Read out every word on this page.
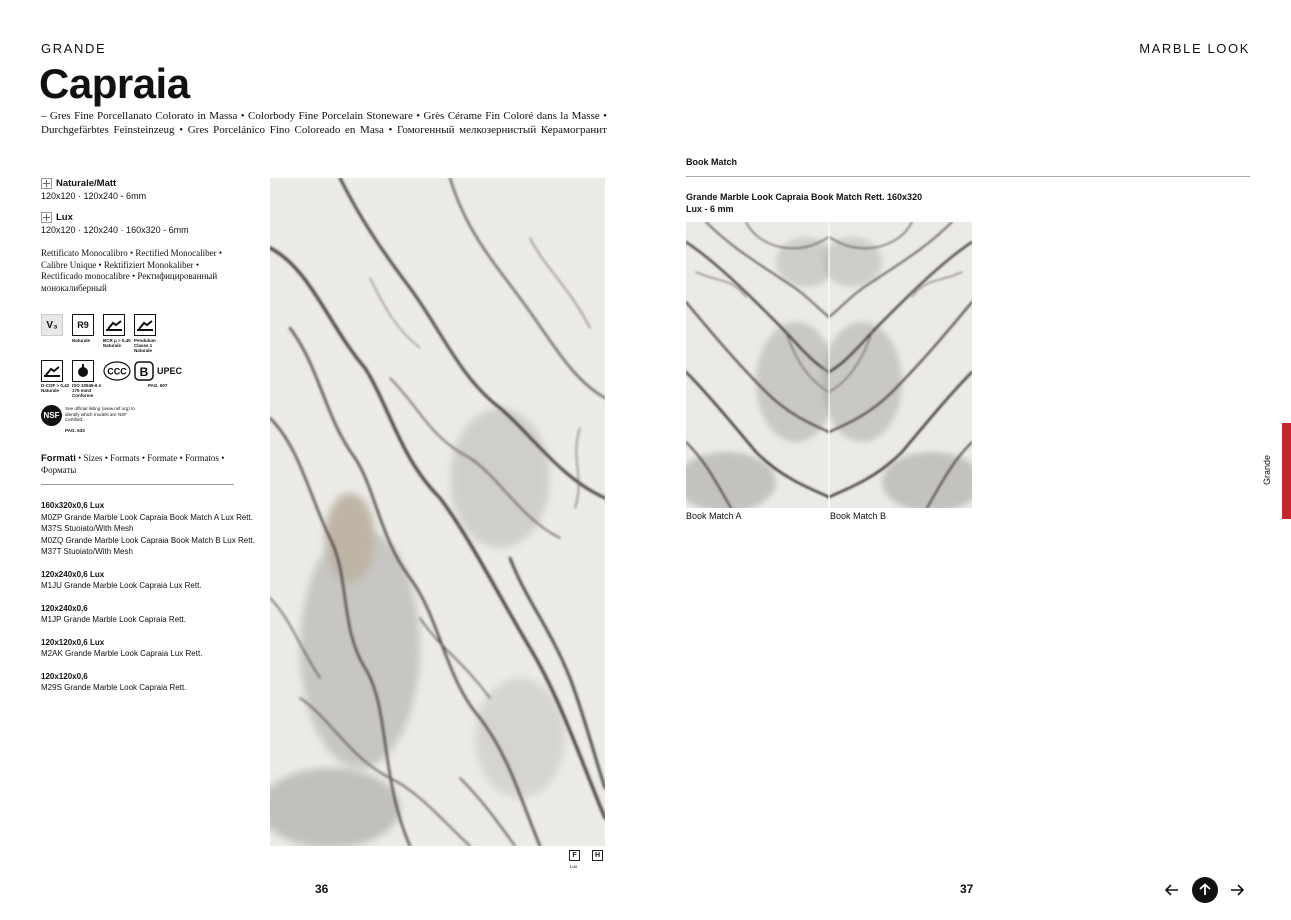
GRANDE	MARBLE LOOK
Capraia
– Gres Fine Porcellanato Colorato in Massa • Colorbody Fine Porcelain Stoneware • Grès Cérame Fin Coloré dans la Masse • Durchgefärbtes Feinsteinzeug • Gres Porcelánico Fino Coloreado en Masa • Гомогенный мелкозернистый Керамогранит
Naturale/Matt
120x120 · 120x240 - 6mm
Lux
120x120 · 120x240 · 160x320 - 6mm
Rettificato Monocalibro • Rectified Monocaliber • Calibre Unique • Rektifiziert Monokaliber • Rectificado monocalibre • Ректифицированный монокалиберный
V₃	R9
Naturale	BCR μ > 0,40 Naturale
Pendulum Classe 1 Naturale
D-COF > 0,42 Naturale
ISO 10545-6 ≤ 175 mm3 Conforme
CCC B UPEC
PAG. 607
NSF
See official listing (www.nsf.org) to identify which models are NSF Certified
PAG. 633
Formati • Sizes • Formats • Formate • Formatos • Форматы
160x320x0,6 Lux
M0ZP Grande Marble Look Capraia Book Match A Lux Rett.
M37S Stuoiato/With Mesh
M0ZQ Grande Marble Look Capraia Book Match B Lux Rett.
M37T Stuoiato/With Mesh
120x240x0,6 Lux
M1JU Grande Marble Look Capraia Lux Rett.
120x240x0,6
M1JP Grande Marble Look Capraia Rett.
120x120x0,6 Lux
M2AK Grande Marble Look Capraia Lux Rett.
120x120x0,6
M29S Grande Marble Look Capraia Rett.
F	H
Lux
36	37
Book Match
Grande Marble Look Capraia Book Match Rett. 160x320
Lux - 6 mm
Book Match A	Book Match B
Grande
